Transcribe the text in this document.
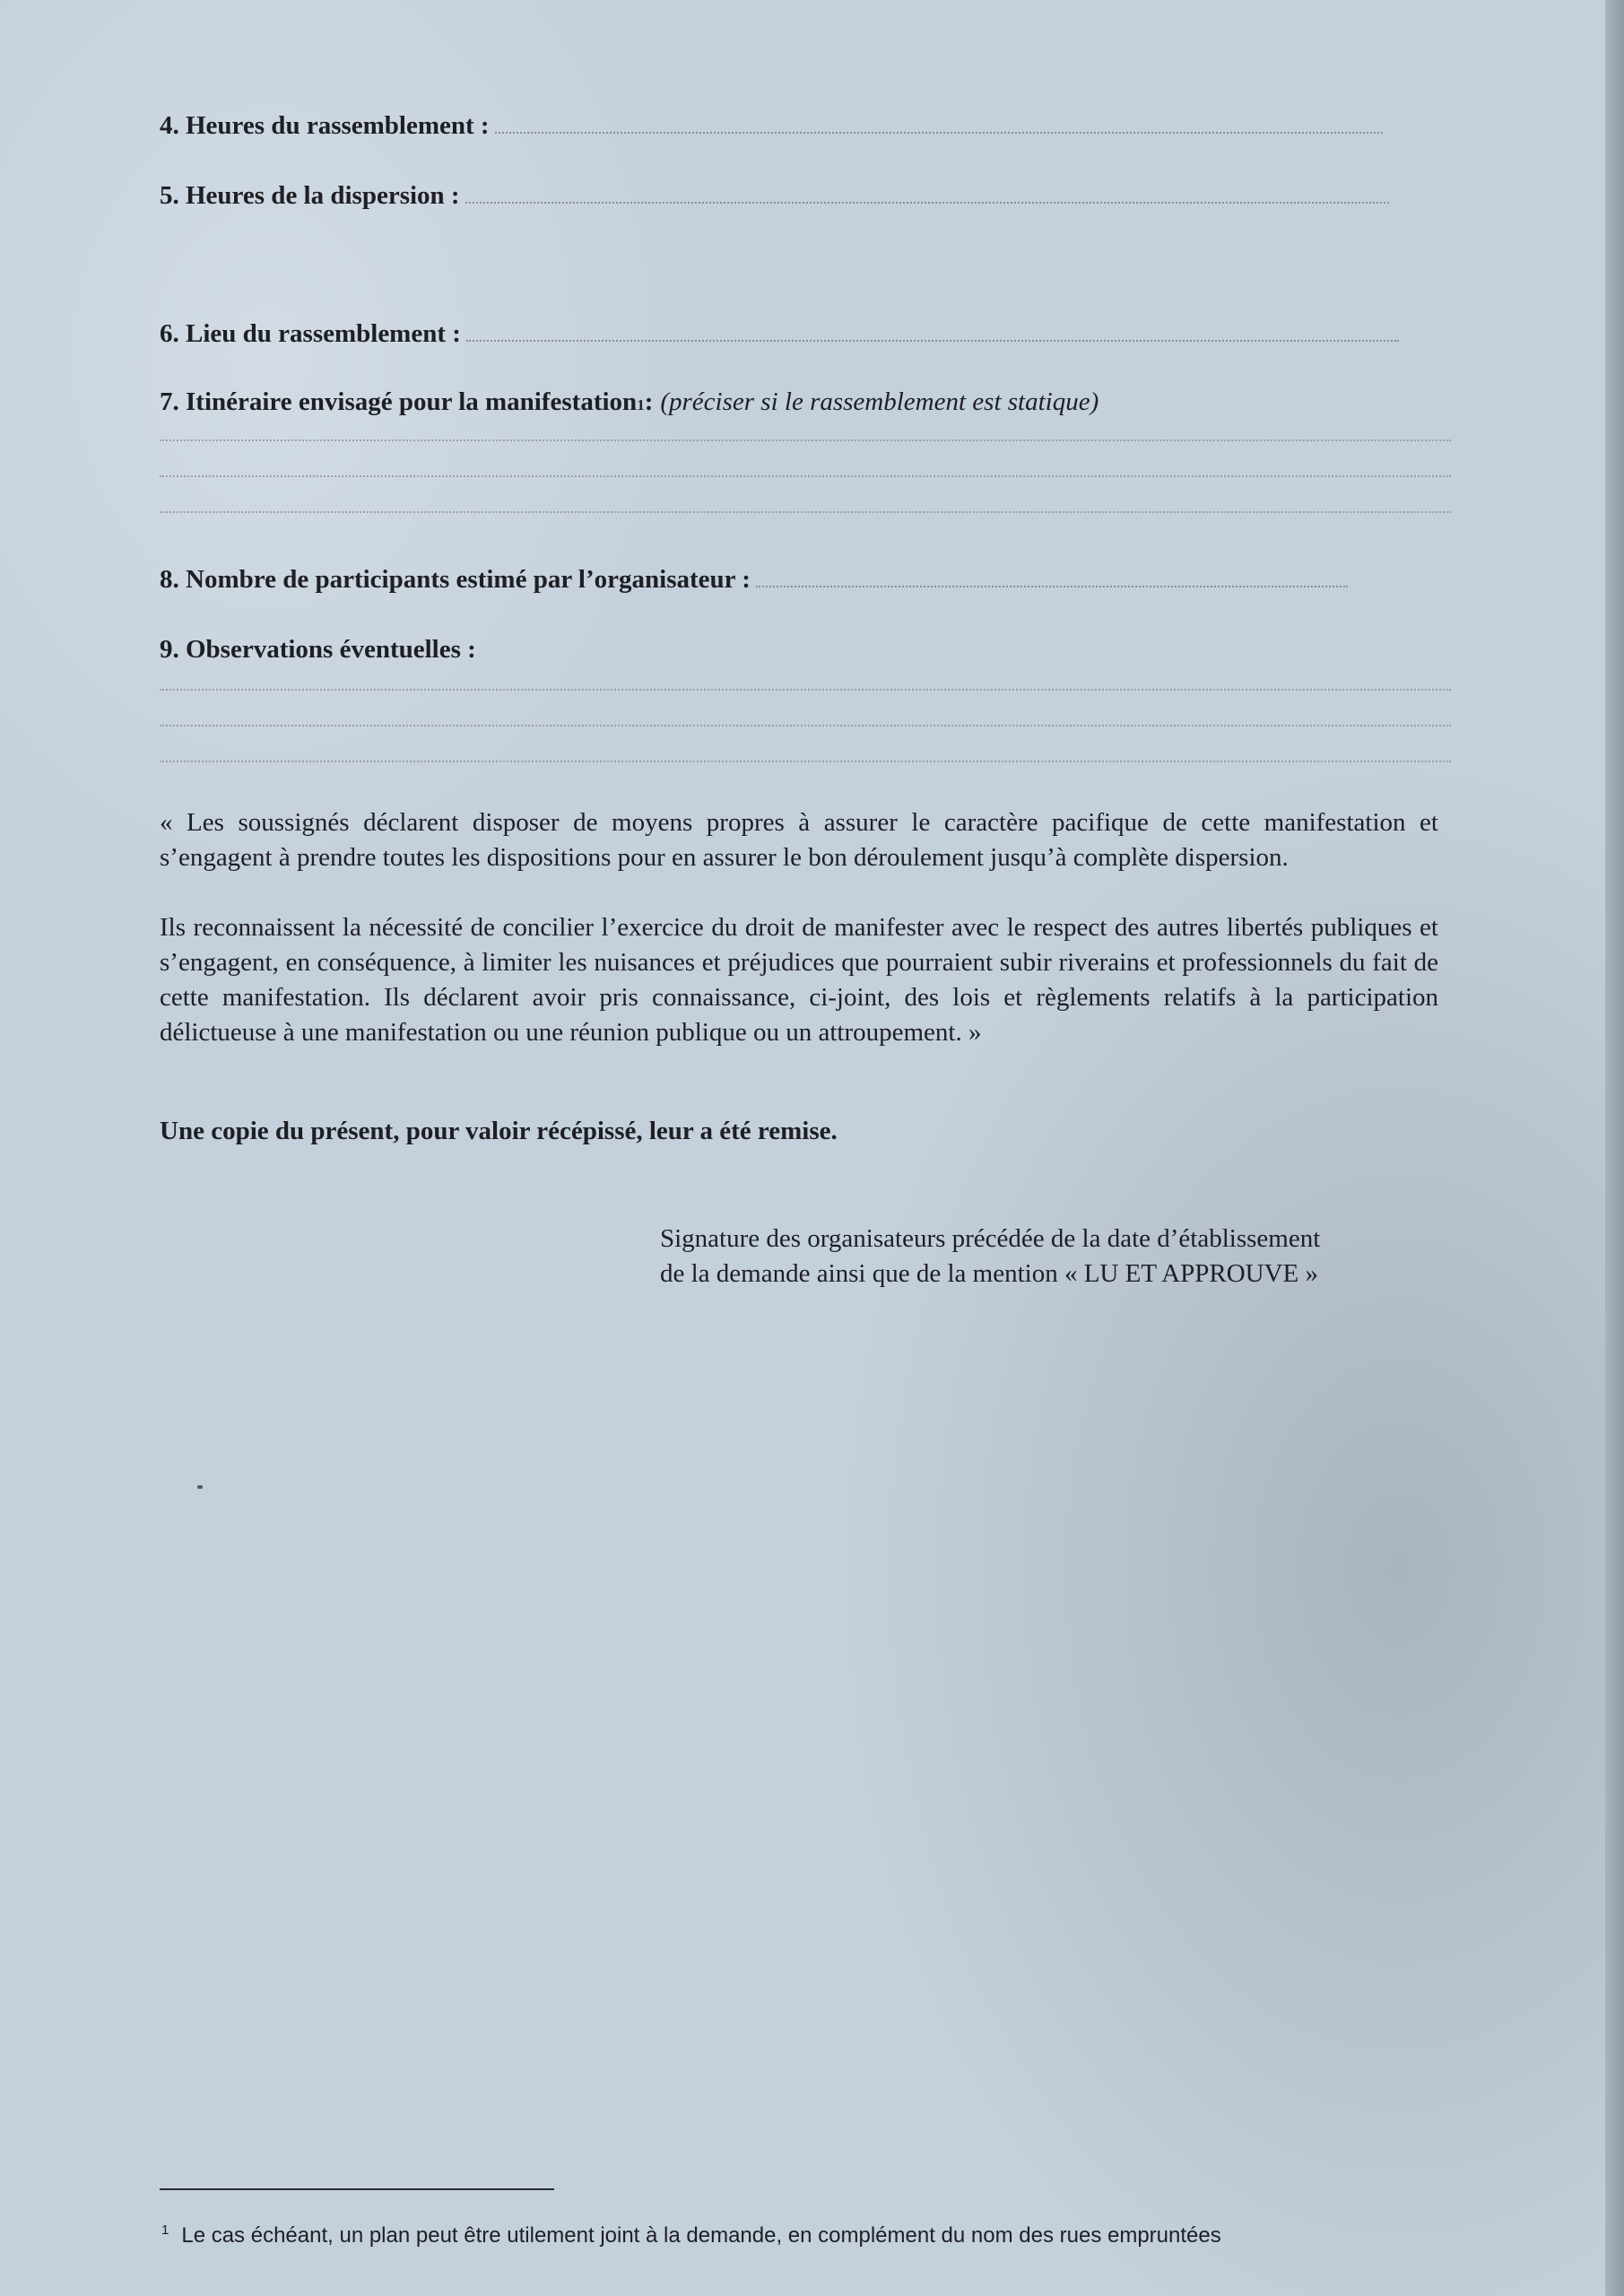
4. Heures du rassemblement :
5. Heures de la dispersion :
6. Lieu du rassemblement :
7. Itinéraire envisagé pour la manifestation 1 : (préciser si le rassemblement est statique)
8. Nombre de participants estimé par l’organisateur :
9. Observations éventuelles :
« Les soussignés déclarent disposer de moyens propres à assurer le caractère pacifique de cette manifestation et s’engagent à prendre toutes les dispositions pour en assurer le bon déroulement jusqu’à complète dispersion.
Ils reconnaissent la nécessité de concilier l’exercice du droit de manifester avec le respect des autres libertés publiques et s’engagent, en conséquence, à limiter les nuisances et préjudices que pourraient subir riverains et professionnels du fait de cette manifestation. Ils déclarent avoir pris connaissance, ci-joint, des lois et règlements relatifs à la participation délictueuse à une manifestation ou une réunion publique ou un attroupement. »
Une copie du présent, pour valoir récépissé, leur a été remise.
Signature des organisateurs précédée de la date d’établissement
de la demande ainsi que de la mention « LU ET APPROUVE »
$^1$ Le cas échéant, un plan peut être utilement joint à la demande, en complément du nom des rues empruntées
